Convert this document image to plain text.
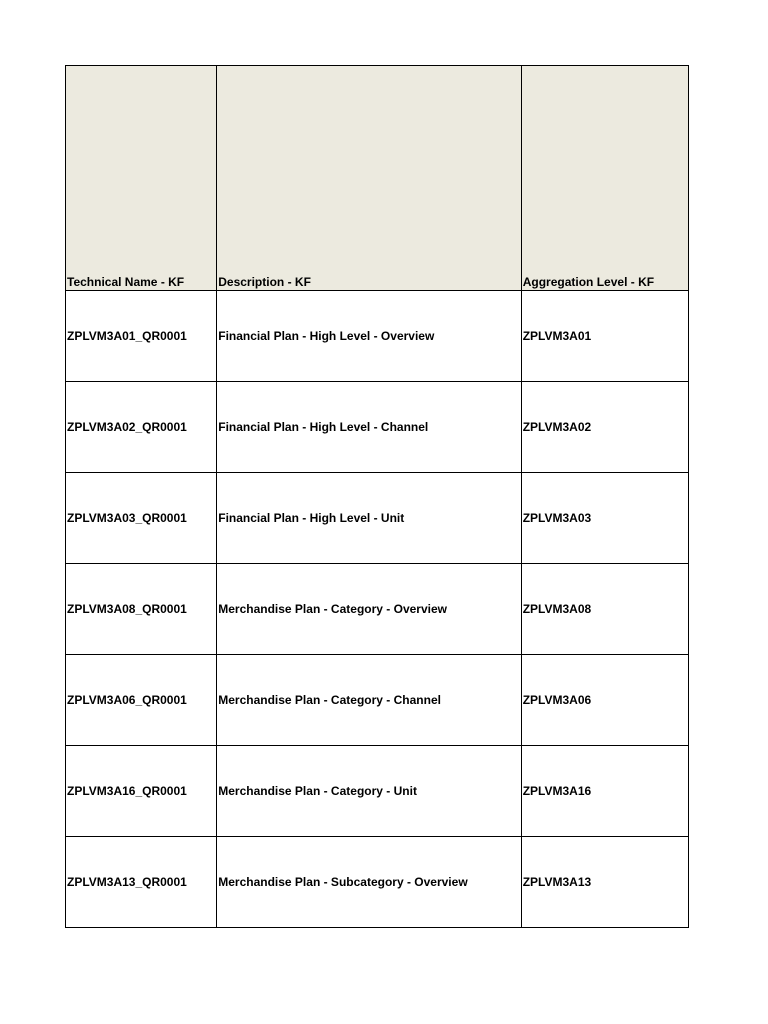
Technical Name - KF	Description - KF	Aggregation Level - KF
ZPLVM3A01_QR0001	Financial Plan - High Level - Overview	ZPLVM3A01
ZPLVM3A02_QR0001	Financial Plan - High Level - Channel	ZPLVM3A02
ZPLVM3A03_QR0001	Financial Plan - High Level - Unit	ZPLVM3A03
ZPLVM3A08_QR0001	Merchandise Plan - Category - Overview	ZPLVM3A08
ZPLVM3A06_QR0001	Merchandise Plan - Category - Channel	ZPLVM3A06
ZPLVM3A16_QR0001	Merchandise Plan - Category - Unit	ZPLVM3A16
ZPLVM3A13_QR0001	Merchandise Plan - Subcategory - Overview	ZPLVM3A13
